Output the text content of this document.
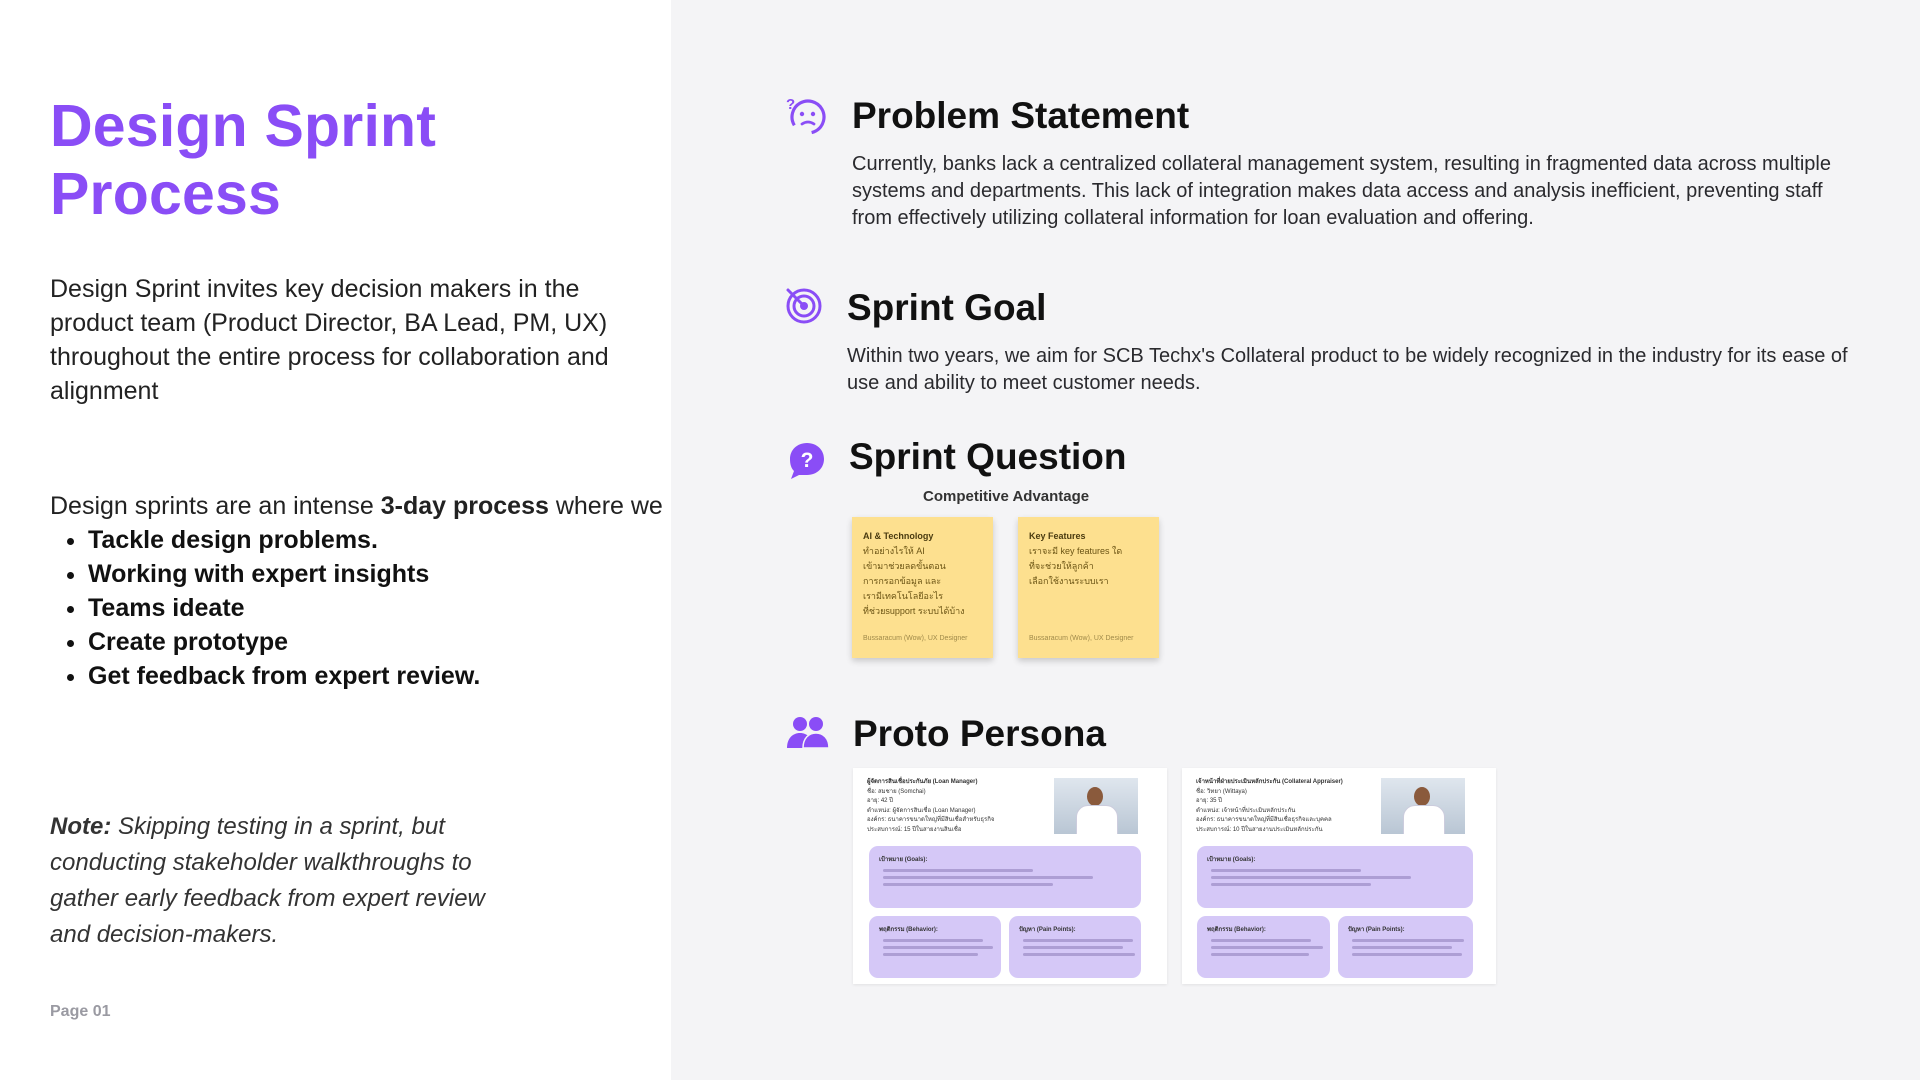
Design Sprint
Process
Design Sprint invites key decision makers in the product team (Product Director, BA Lead, PM, UX) throughout the entire process for collaboration and alignment
Design sprints are an intense 3-day process where we
• Tackle design problems.
• Working with expert insights
• Teams ideate
• Create prototype
• Get feedback from expert review.
Note: Skipping testing in a sprint, but conducting stakeholder walkthroughs to gather early feedback from expert review and decision-makers.
Page 01
? Problem Statement
Currently, banks lack a centralized collateral management system, resulting in fragmented data across multiple systems and departments. This lack of integration makes data access and analysis inefficient, preventing staff from effectively utilizing collateral information for loan evaluation and offering.
Sprint Goal
Within two years, we aim for SCB Techx's Collateral product to be widely recognized in the industry for its ease of use and ability to meet customer needs.
? Sprint Question
Competitive Advantage
AI & Technology
ทำอย่างไรให้ AI
เข้ามาช่วยลดขั้นตอน
การกรอกข้อมูล และ
เรามีเทคโนโลยีอะไร
ที่ช่วยsupport ระบบได้บ้าง
Bussaracum (Wow), UX Designer
Key Features
เราจะมี key features ใด
ที่จะช่วยให้ลูกค้า
เลือกใช้งานระบบเรา
Bussaracum (Wow), UX Designer
Proto Persona
ผู้จัดการสินเชื่อประกันภัย (Loan Manager)
ชื่อ: สมชาย (Somchai)
อายุ: 42 ปี
ตำแหน่ง: ผู้จัดการสินเชื่อ (Loan Manager)
องค์กร: ธนาคารขนาดใหญ่ที่มีสินเชื่อสำหรับธุรกิจ
ประสบการณ์: 15 ปีในสายงานสินเชื่อ
เป้าหมาย (Goals):
พฤติกรรม (Behavior):	ปัญหา (Pain Points):
เจ้าหน้าที่ฝ่ายประเมินหลักประกัน (Collateral Appraiser)
ชื่อ: วิทยา (Wittaya)
อายุ: 35 ปี
ตำแหน่ง: เจ้าหน้าที่ประเมินหลักประกัน
องค์กร: ธนาคารขนาดใหญ่ที่มีสินเชื่อธุรกิจและบุคคล
ประสบการณ์: 10 ปีในสายงานประเมินหลักประกัน
เป้าหมาย (Goals):
พฤติกรรม (Behavior):	ปัญหา (Pain Points):
